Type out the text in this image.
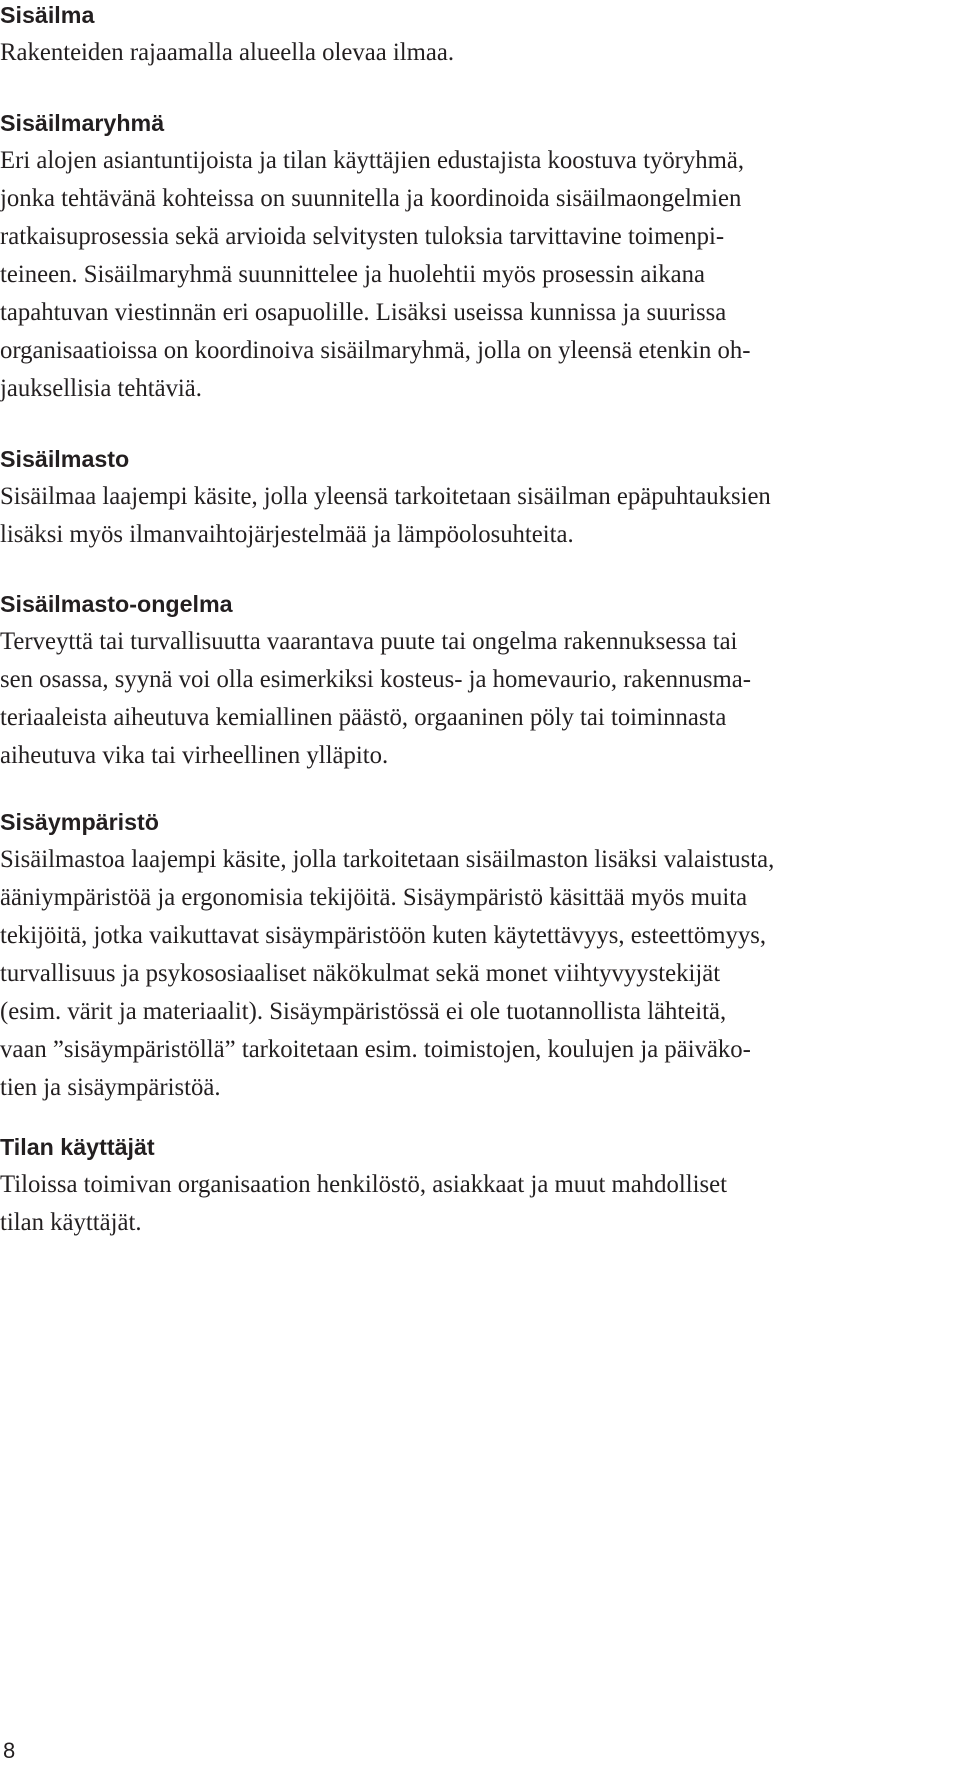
Sisäilma

Rakenteiden rajaamalla alueella olevaa ilmaa.

Sisäilmaryhmä

Eri alojen asiantuntijoista ja tilan käyttäjien edustajista koostuva työryhmä,

jonka tehtävänä kohteissa on suunnitella ja koordinoida sisäilmaongelmien

ratkaisuprosessia sekä arvioida selvitysten tuloksia tarvittavine toimenpi-

teineen. Sisäilmaryhmä suunnittelee ja huolehtii myös prosessin aikana

tapahtuvan viestinnän eri osapuolille. Lisäksi useissa kunnissa ja suurissa

organisaatioissa on koordinoiva sisäilmaryhmä, jolla on yleensä etenkin oh-

jauksellisia tehtäviä.

Sisäilmasto

Sisäilmaa laajempi käsite, jolla yleensä tarkoitetaan sisäilman epäpuhtauksien

lisäksi myös ilmanvaihtojärjestelmää ja lämpöolosuhteita.

Sisäilmasto-ongelma

Terveyttä tai turvallisuutta vaarantava puute tai ongelma rakennuksessa tai

sen osassa, syynä voi olla esimerkiksi kosteus- ja homevaurio, rakennusma-

teriaaleista aiheutuva kemiallinen päästö, orgaaninen pöly tai toiminnasta

aiheutuva vika tai virheellinen ylläpito.

Sisäympäristö

Sisäilmastoa laajempi käsite, jolla tarkoitetaan sisäilmaston lisäksi valaistusta,

ääniympäristöä ja ergonomisia tekijöitä. Sisäympäristö käsittää myös muita

tekijöitä, jotka vaikuttavat sisäympäristöön kuten käytettävyys, esteettömyys,

turvallisuus ja psykososiaaliset näkökulmat sekä monet viihtyvyystekijät

(esim. värit ja materiaalit). Sisäympäristössä ei ole tuotannollista lähteitä,

vaan ”sisäympäristöllä” tarkoitetaan esim. toimistojen, koulujen ja päiväko-

tien ja sisäympäristöä.

Tilan käyttäjät

Tiloissa toimivan organisaation henkilöstö, asiakkaat ja muut mahdolliset

tilan käyttäjät.

8
